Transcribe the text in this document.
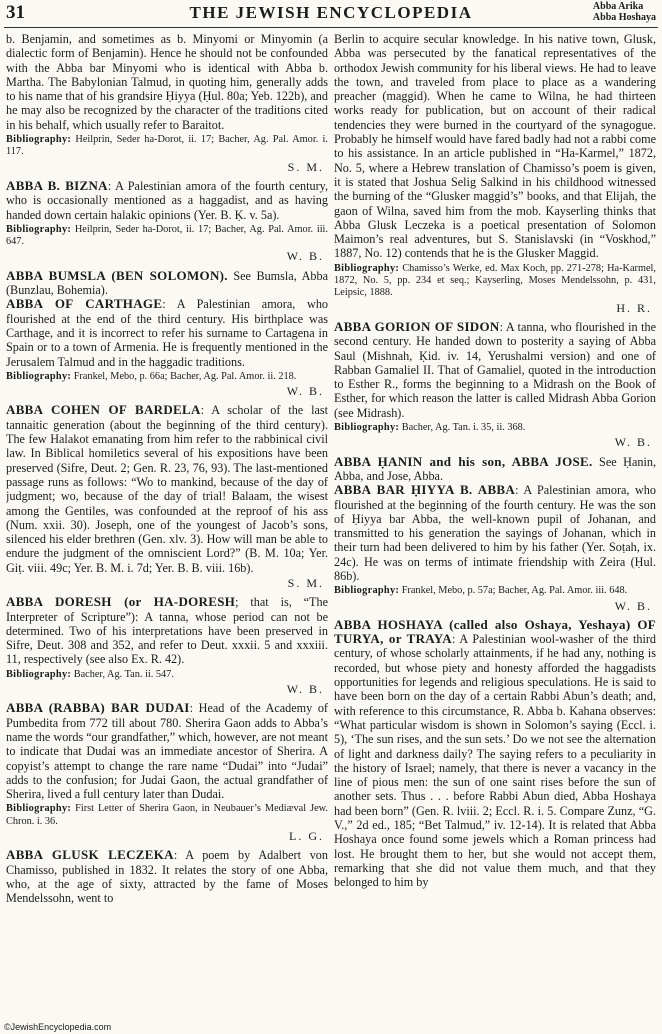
31	THE JEWISH ENCYCLOPEDIA	Abba Arika
Abba Hoshaya

b. Benjamin, and sometimes as b. Minyomi or Minyomin (a dialectic form of Benjamin). Hence he should not be confounded with the Abba bar Minyomi who is identical with Abba b. Martha. The Babylonian Talmud, in quoting him, generally adds to his name that of his grandsire Ḥiyya (Ḥul. 80a; Yeb. 122b), and he may also be recognized by the character of the traditions cited in his behalf, which usually refer to Baraitot.

Bibliography: Heilprin, Seder ha-Dorot, ii. 17; Bacher, Ag. Pal. Amor. i. 117.

S. M.

ABBA B. BIZNA: A Palestinian amora of the fourth century, who is occasionally mentioned as a haggadist, and as having handed down certain halakic opinions (Yer. B. Ḳ. v. 5a).

Bibliography: Heilprin, Seder ha-Dorot, ii. 17; Bacher, Ag. Pal. Amor. iii. 647.

W. B.

ABBA BUMSLA (BEN SOLOMON). See Bumsla, Abba (Bunzlau, Bohemia).

ABBA OF CARTHAGE: A Palestinian amora, who flourished at the end of the third century. His birthplace was Carthage, and it is incorrect to refer his surname to Cartagena in Spain or to a town of Armenia. He is frequently mentioned in the Jerusalem Talmud and in the haggadic traditions.

Bibliography: Frankel, Mebo, p. 66a; Bacher, Ag. Pal. Amor. ii. 218.

W. B.

ABBA COHEN OF BARDELA: A scholar of the last tannaitic generation (about the beginning of the third century). The few Halakot emanating from him refer to the rabbinical civil law. In Biblical homiletics several of his expositions have been preserved (Sifre, Deut. 2; Gen. R. 23, 76, 93). The last-mentioned passage runs as follows: “Wo to mankind, because of the day of judgment; wo, because of the day of trial! Balaam, the wisest among the Gentiles, was confounded at the reproof of his ass (Num. xxii. 30). Joseph, one of the youngest of Jacob’s sons, silenced his elder brethren (Gen. xlv. 3). How will man be able to endure the judgment of the omniscient Lord?” (B. M. 10a; Yer. Giṭ. viii. 49c; Yer. B. M. i. 7d; Yer. B. B. viii. 16b).

S. M.

ABBA DORESH (or HA-DORESH; that is, “The Interpreter of Scripture”): A tanna, whose period can not be determined. Two of his interpretations have been preserved in Sifre, Deut. 308 and 352, and refer to Deut. xxxii. 5 and xxxiii. 11, respectively (see also Ex. R. 42).

Bibliography: Bacher, Ag. Tan. ii. 547.

W. B.

ABBA (RABBA) BAR DUDAI: Head of the Academy of Pumbedita from 772 till about 780. Sherira Gaon adds to Abba’s name the words “our grandfather,” which, however, are not meant to indicate that Dudai was an immediate ancestor of Sherira. A copyist’s attempt to change the rare name “Dudai” into “Judai” adds to the confusion; for Judai Gaon, the actual grandfather of Sherira, lived a full century later than Dudai.

Bibliography: First Letter of Sherira Gaon, in Neubauer’s Mediæval Jew. Chron. i. 36.

L. G.

ABBA GLUSK LECZEKA: A poem by Adalbert von Chamisso, published in 1832. It relates the story of one Abba, who, at the age of sixty, attracted by the fame of Moses Mendelssohn, went to

Berlin to acquire secular knowledge. In his native town, Glusk, Abba was persecuted by the fanatical representatives of the orthodox Jewish community for his liberal views. He had to leave the town, and traveled from place to place as a wandering preacher (maggid). When he came to Wilna, he had thirteen works ready for publication, but on account of their radical tendencies they were burned in the courtyard of the synagogue. Probably he himself would have fared badly had not a rabbi come to his assistance. In an article published in “Ha-Karmel,” 1872, No. 5, where a Hebrew translation of Chamisso’s poem is given, it is stated that Joshua Selig Salkind in his childhood witnessed the burning of the “Glusker maggid’s” books, and that Elijah, the gaon of Wilna, saved him from the mob. Kayserling thinks that Abba Glusk Leczeka is a poetical presentation of Solomon Maimon’s real adventures, but S. Stanislavski (in “Voskhod,” 1887, No. 12) contends that he is the Glusker Maggid.

Bibliography: Chamisso’s Werke, ed. Max Koch, pp. 271-278; Ha-Karmel, 1872, No. 5, pp. 234 et seq.; Kayserling, Moses Mendelssohn, p. 431, Leipsic, 1888.

H. R.

ABBA GORION OF SIDON: A tanna, who flourished in the second century. He handed down to posterity a saying of Abba Saul (Mishnah, Ḳid. iv. 14, Yerushalmi version) and one of Rabban Gamaliel II. That of Gamaliel, quoted in the introduction to Esther R., forms the beginning to a Midrash on the Book of Esther, for which reason the latter is called Midrash Abba Gorion (see Midrash).

Bibliography: Bacher, Ag. Tan. i. 35, ii. 368.

W. B.

ABBA ḤANIN and his son, ABBA JOSE. See Ḥanin, Abba, and Jose, Abba.

ABBA BAR ḤIYYA B. ABBA: A Palestinian amora, who flourished at the beginning of the fourth century. He was the son of Ḥiyya bar Abba, the well-known pupil of Johanan, and transmitted to his generation the sayings of Johanan, which in their turn had been delivered to him by his father (Yer. Soṭah, ix. 24c). He was on terms of intimate friendship with Zeira (Ḥul. 86b).

Bibliography: Frankel, Mebo, p. 57a; Bacher, Ag. Pal. Amor. iii. 648.

W. B.

ABBA HOSHAYA (called also Oshaya, Yeshaya) OF TURYA, or TRAYA: A Palestinian wool-washer of the third century, of whose scholarly attainments, if he had any, nothing is recorded, but whose piety and honesty afforded the haggadists opportunities for legends and religious speculations. He is said to have been born on the day of a certain Rabbi Abun’s death; and, with reference to this circumstance, R. Abba b. Kahana observes: “What particular wisdom is shown in Solomon’s saying (Eccl. i. 5), ‘The sun rises, and the sun sets.’ Do we not see the alternation of light and darkness daily? The saying refers to a peculiarity in the history of Israel; namely, that there is never a vacancy in the line of pious men: the sun of one saint rises before the sun of another sets. Thus . . . before Rabbi Abun died, Abba Hoshaya had been born” (Gen. R. lviii. 2; Eccl. R. i. 5. Compare Zunz, “G. V.,” 2d ed., 185; “Bet Talmud,” iv. 12-14). It is related that Abba Hoshaya once found some jewels which a Roman princess had lost. He brought them to her, but she would not accept them, remarking that she did not value them much, and that they belonged to him by

©JewishEncyclopedia.com
